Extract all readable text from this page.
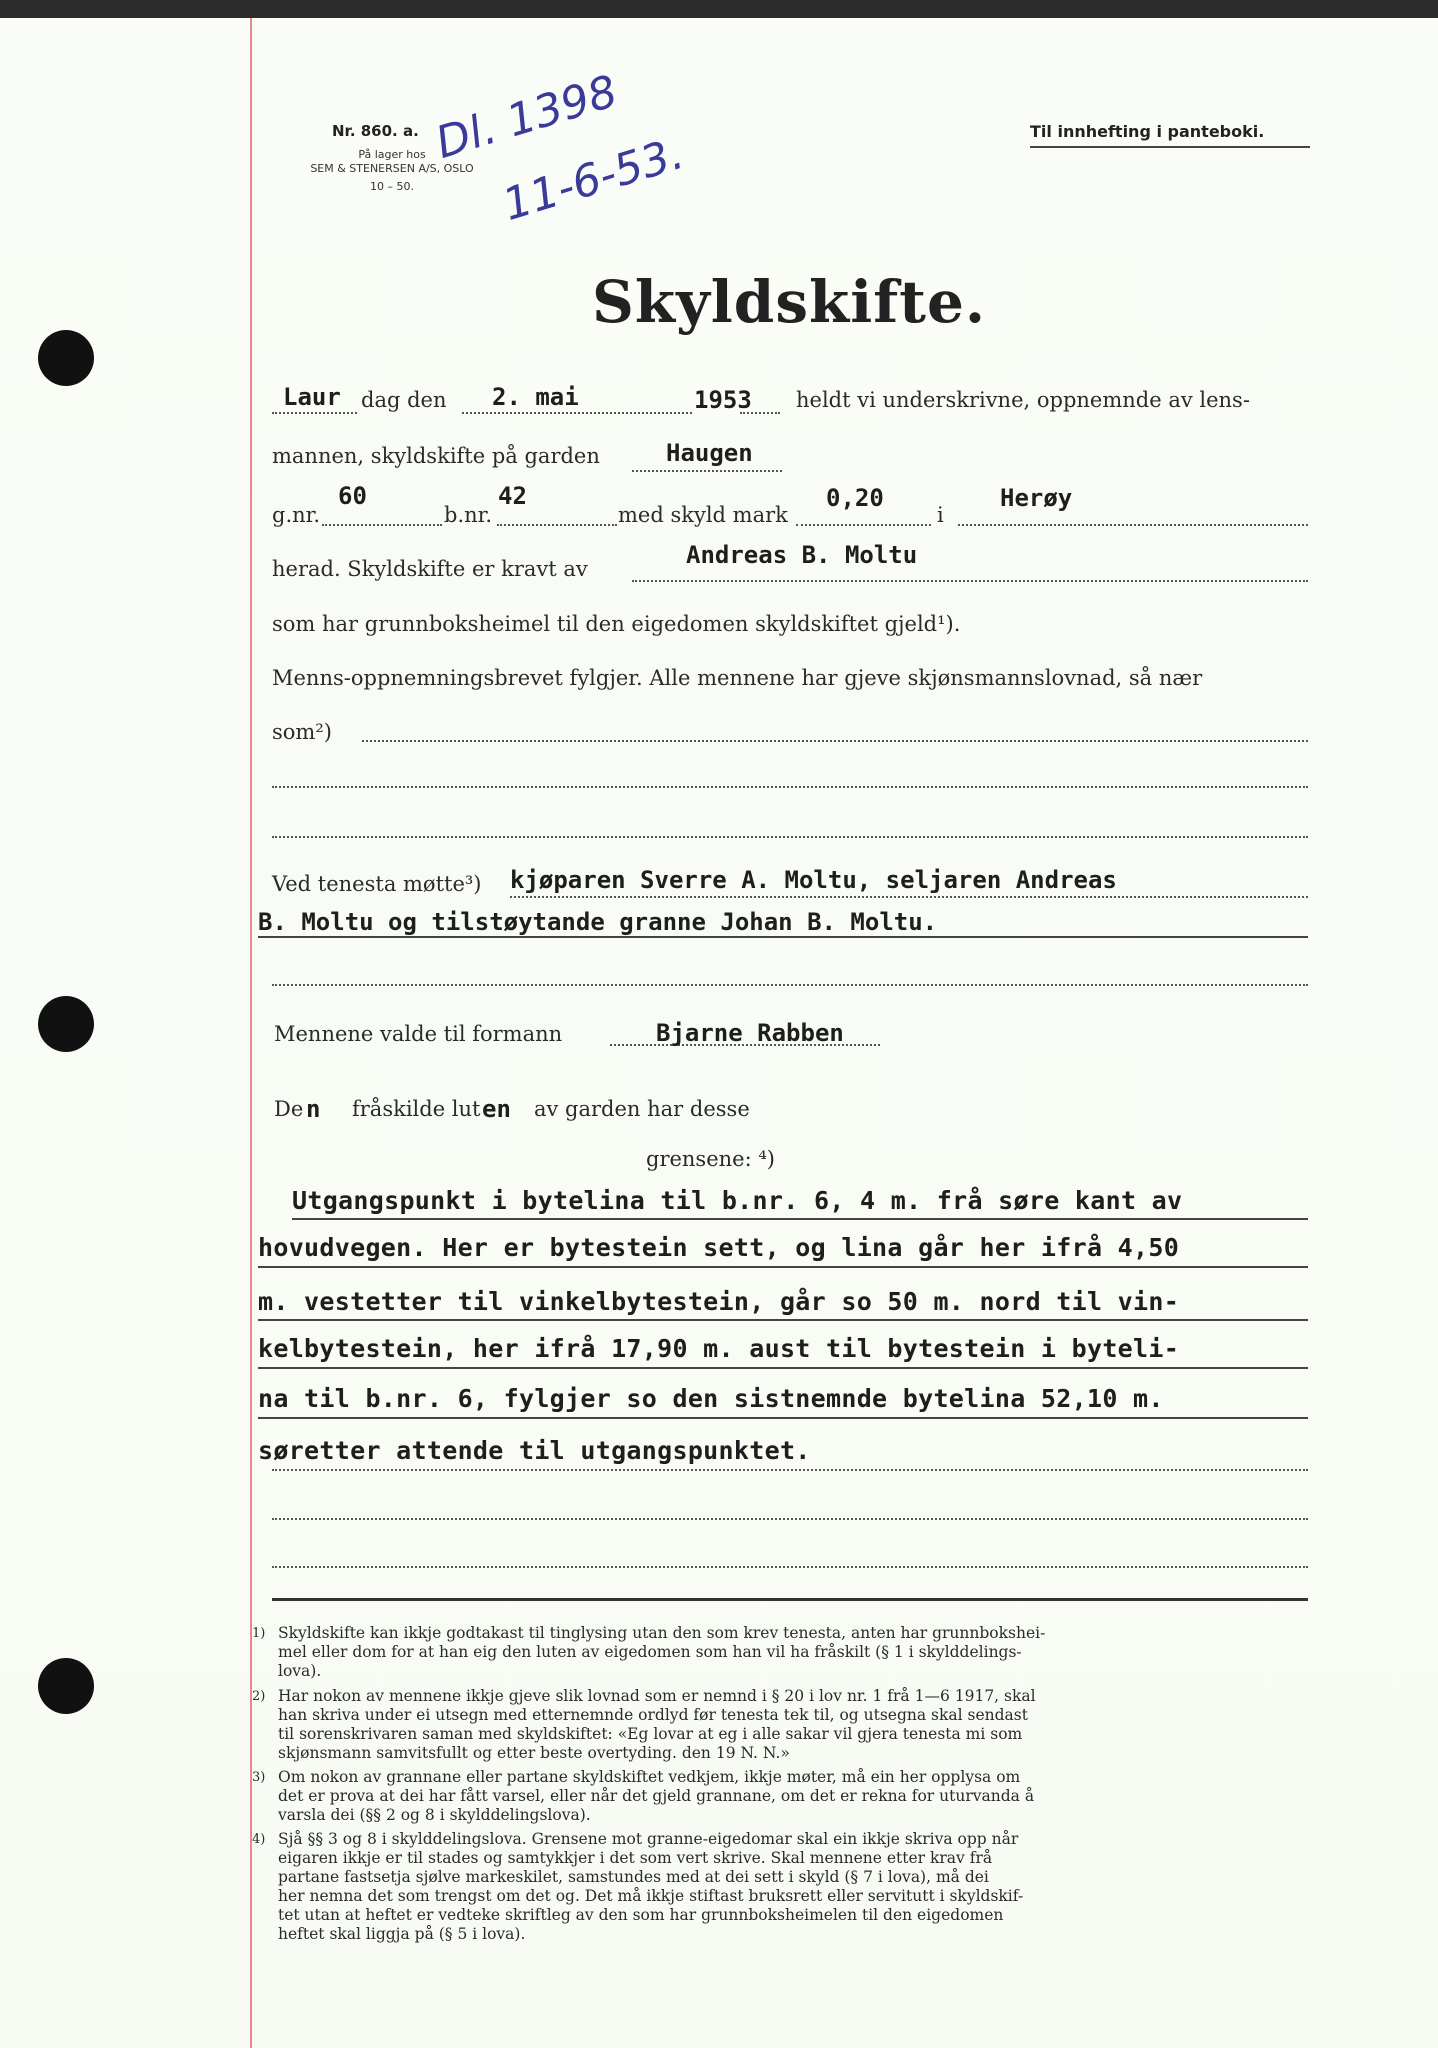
Nr. 860. a.
På lager hos
SEM & STENERSEN A/S, OSLO
10 – 50.
Dl. 1398
11-6-53.	Til innhefting i panteboki.
Skyldskifte.
Laur dag den 2. mai	1953 heldt vi underskrivne, oppnemnde av lens-
mannen, skyldskifte på garden	Haugen
g.nr.
60
b.nr.
42
med skyld mark
0,20
i
Herøy
herad. Skyldskifte er kravt av	Andreas B. Moltu
som har grunnboksheimel til den eigedomen skyldskiftet gjeld¹).
Menns-oppnemningsbrevet fylgjer. Alle mennene har gjeve skjønsmannslovnad, så nær
som²)
Ved tenesta møtte³) kjøparen Sverre A. Moltu, seljaren Andreas
B. Moltu og tilstøytande granne Johan B. Moltu.
Mennene valde til formann	Bjarne Rabben
De n fråskilde lut en av garden har desse
grensene: ⁴)
Utgangspunkt i bytelina til b.nr. 6, 4 m. frå søre kant av
hovudvegen. Her er bytestein sett, og lina går her ifrå 4,50
m. vestetter til vinkelbytestein, går so 50 m. nord til vin-
kelbytestein, her ifrå 17,90 m. aust til bytestein i byteli-
na til b.nr. 6, fylgjer so den sistnemnde bytelina 52,10 m.
søretter attende til utgangspunktet.
1) Skyldskifte kan ikkje godtakast til tinglysing utan den som krev tenesta, anten har grunnbokshei-
mel eller dom for at han eig den luten av eigedomen som han vil ha fråskilt (§ 1 i skylddelings-
lova).
2) Har nokon av mennene ikkje gjeve slik lovnad som er nemnd i § 20 i lov nr. 1 frå 1—6 1917, skal
han skriva under ei utsegn med etternemnde ordlyd før tenesta tek til, og utsegna skal sendast
til sorenskrivaren saman med skyldskiftet: «Eg lovar at eg i alle sakar vil gjera tenesta mi som
skjønsmann samvitsfullt og etter beste overtyding. den 19 N. N.»
3) Om nokon av grannane eller partane skyldskiftet vedkjem, ikkje møter, må ein her opplysa om
det er prova at dei har fått varsel, eller når det gjeld grannane, om det er rekna for uturvanda å
varsla dei (§§ 2 og 8 i skylddelingslova).
4) Sjå §§ 3 og 8 i skylddelingslova. Grensene mot granne-eigedomar skal ein ikkje skriva opp når
eigaren ikkje er til stades og samtykkjer i det som vert skrive. Skal mennene etter krav frå
partane fastsetja sjølve markeskilet, samstundes med at dei sett i skyld (§ 7 i lova), må dei
her nemna det som trengst om det og. Det må ikkje stiftast bruksrett eller servitutt i skyldskif-
tet utan at heftet er vedteke skriftleg av den som har grunnboksheimelen til den eigedomen
heftet skal liggja på (§ 5 i lova).
